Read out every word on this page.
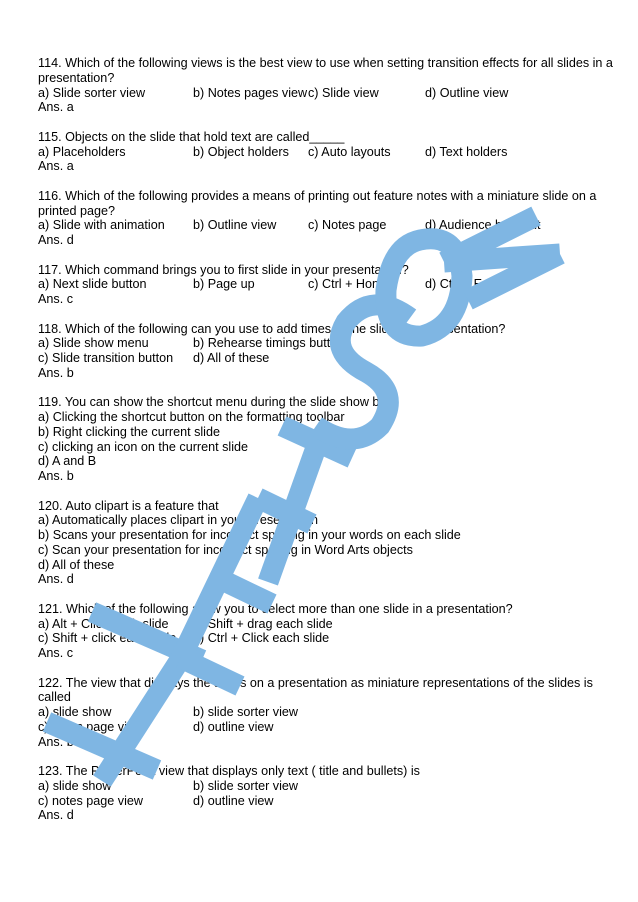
114. Which of the following views is the best view to use when setting transition effects for all slides in a presentation?
a) Slide sorter view	b) Notes pages view c) Slide view	d) Outline view
Ans. a
115. Objects on the slide that hold text are called_____
a) Placeholders	b) Object holders	c) Auto layouts	d) Text holders
Ans. a
116. Which of the following provides a means of printing out feature notes with a miniature slide on a printed page?
a) Slide with animation	b) Outline view	c) Notes page	d) Audience handout
Ans. d
117. Which command brings you to first slide in your presentation?
a) Next slide button	b) Page up	c) Ctrl + Home	d) Ctrl + End
Ans. c
118. Which of the following can you use to add times to the slides in a presentation?
a) Slide show menu	b) Rehearse timings button
c) Slide transition button	d) All of these
Ans. b
119. You can show the shortcut menu during the slide show by
a) Clicking the shortcut button on the formatting toolbar
b) Right clicking the current slide
c) clicking an icon on the current slide
d) A and B
Ans. b
120. Auto clipart is a feature that
a) Automatically places clipart in your presentation
b) Scans your presentation for incorrect spelling in your words on each slide
c) Scan your presentation for incorrect spelling in Word Arts objects
d) All of these
Ans. d
121. Which of the following allow you to select more than one slide in a presentation?
a) Alt + Click each slide	b) Shift + drag each slide
c) Shift + click each slide	d) Ctrl + Click each slide
Ans. c
122. The view that displays the slides on a presentation as miniature representations of the slides is called
a) slide show	b) slide sorter view
c) notes page view	d) outline view
Ans. b
123. The PowerPoint view that displays only text ( title and bullets) is
a) slide show	b) slide sorter view
c) notes page view	d) outline view
Ans. d
